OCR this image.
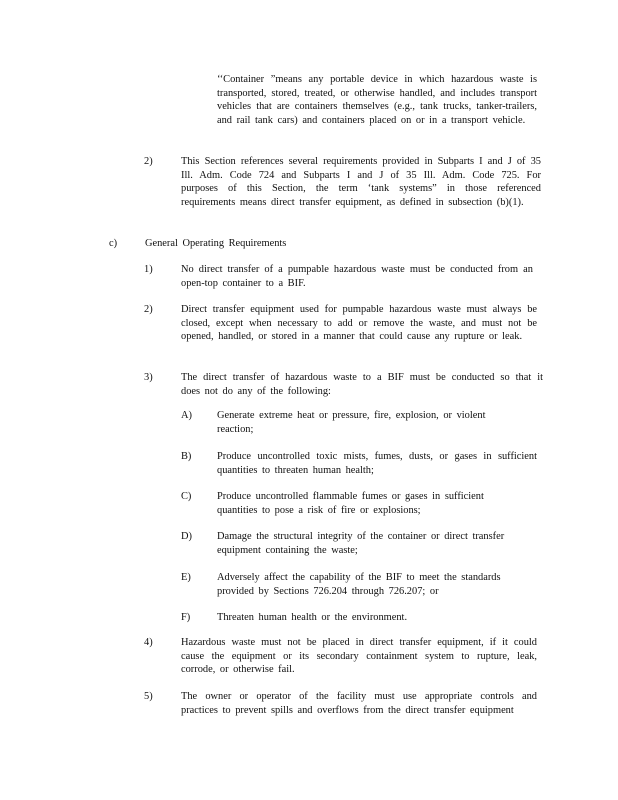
‘‘Container ”means any portable device in which hazardous waste is transported, stored, treated, or otherwise handled, and includes transport vehicles that are containers themselves (e.g., tank trucks, tanker-trailers, and rail tank cars) and containers placed on or in a transport vehicle.

2)	This Section references several requirements provided in Subparts I and J of 35 Ill. Adm. Code 724 and Subparts I and J of 35 Ill. Adm. Code 725. For purposes of this Section, the term ‘tank systems” in those referenced requirements means direct transfer equipment, as defined in subsection (b)(1).

c)	General Operating Requirements

1)	No direct transfer of a pumpable hazardous waste must be conducted from an open-top container to a BIF.

2)	Direct transfer equipment used for pumpable hazardous waste must always be closed, except when necessary to add or remove the waste, and must not be opened, handled, or stored in a manner that could cause any rupture or leak.

3)	The direct transfer of hazardous waste to a BIF must be conducted so that it does not do any of the following:

A) Generate extreme heat or pressure, fire, explosion, or violent reaction;

B) Produce uncontrolled toxic mists, fumes, dusts, or gases in sufficient quantities to threaten human health;

C) Produce uncontrolled flammable fumes or gases in sufficient quantities to pose a risk of fire or explosions;

D) Damage the structural integrity of the container or direct transfer equipment containing the waste;

E)	Adversely affect the capability of the BIF to meet the standards provided by Sections 726.204 through 726.207; or

F)	Threaten human health or the environment.

4)	Hazardous waste must not be placed in direct transfer equipment, if it could cause the equipment or its secondary containment system to rupture, leak, corrode, or otherwise fail.

5)	The owner or operator of the facility must use appropriate controls and practices to prevent spills and overflows from the direct transfer equipment
